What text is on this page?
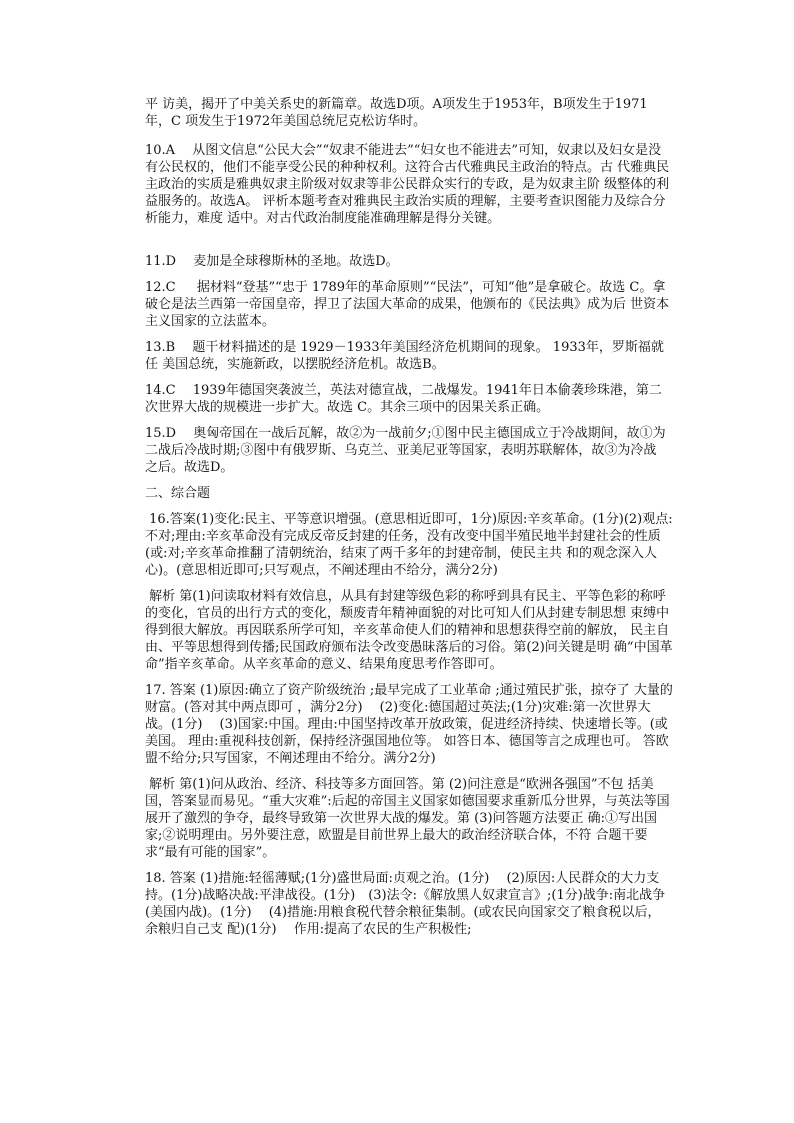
平 访美，揭开了中美关系史的新篇章。故选D项。A项发生于1953年，B项发生于1971年，C 项发生于1972年美国总统尼克松访华时。

10.A　 从图文信息“公民大会”“奴隶不能进去”“妇女也不能进去”可知，奴隶以及妇女是没有公民权的，他们不能享受公民的种种权利。这符合古代雅典民主政治的特点。古 代雅典民主政治的实质是雅典奴隶主阶级对奴隶等非公民群众实行的专政，是为奴隶主阶 级整体的利益服务的。故选A。 评析本题考查对雅典民主政治实质的理解，主要考查识图能力及综合分析能力，难度 适中。对古代政治制度能准确理解是得分关键。

11.D　 麦加是全球穆斯林的圣地。故选D。

12.C　  据材料“登基”“忠于 1789年的革命原则”“民法”，可知“他”是拿破仑。故选 C。拿破仑是法兰西第一帝国皇帝，捍卫了法国大革命的成果，他颁布的《民法典》成为后 世资本主义国家的立法蓝本。

13.B　 题干材料描述的是 1929－1933年美国经济危机期间的现象。 1933年，罗斯福就任 美国总统，实施新政，以摆脱经济危机。故选B。

14.C　 1939年德国突袭波兰，英法对德宣战，二战爆发。1941年日本偷袭珍珠港，第二次世界大战的规模进一步扩大。故选 C。其余三项中的因果关系正确。

15.D　 奥匈帝国在一战后瓦解，故②为一战前夕;①图中民主德国成立于冷战期间，故①为 二战后冷战时期;③图中有俄罗斯、乌克兰、亚美尼亚等国家，表明苏联解体，故③为冷战 之后。故选D。

二、综合题

16.答案(1)变化:民主、平等意识增强。(意思相近即可，1分)原因:辛亥革命。(1分)(2)观点:不对;理由:辛亥革命没有完成反帝反封建的任务，没有改变中国半殖民地半封建社会的性质(或:对;辛亥革命推翻了清朝统治，结束了两千多年的封建帝制，使民主共 和的观念深入人心)。(意思相近即可;只写观点，不阐述理由不给分，满分2分)

解析 第(1)问读取材料有效信息，从具有封建等级色彩的称呼到具有民主、平等色彩的称呼的变化，官员的出行方式的变化，颓废青年精神面貌的对比可知人们从封建专制思想 束缚中得到很大解放。再因联系所学可知，辛亥革命使人们的精神和思想获得空前的解放， 民主自由、平等思想得到传播;民国政府颁布法令改变愚昧落后的习俗。第(2)问关键是明 确“中国革命”指辛亥革命。从辛亥革命的意义、结果角度思考作答即可。

17. 答案 (1)原因:确立了资产阶级统治 ;最早完成了工业革命 ;通过殖民扩张，掠夺了 大量的财富。(答对其中两点即可 ，满分2分)　 (2)变化:德国超过英法;(1分)灾难:第一次世界大战。(1分)　 (3)国家:中国。理由:中国坚持改革开放政策，促进经济持续、快速增长等。(或美国。 理由:重视科技创新，保持经济强国地位等。 如答日本、德国等言之成理也可。 答欧盟不给分;只写国家，不阐述理由不给分。满分2分)

解析 第(1)问从政治、经济、科技等多方面回答。第 (2)问注意是“欧洲各强国”不包 括美国，答案显而易见。“重大灾难”:后起的帝国主义国家如德国要求重新瓜分世界，与英法等国展开了激烈的争夺，最终导致第一次世界大战的爆发。第 (3)问答题方法要正 确:①写出国家;②说明理由。另外要注意，欧盟是目前世界上最大的政治经济联合体，不符 合题干要求“最有可能的国家”。

18. 答案 (1)措施:轻徭薄赋;(1分)盛世局面:贞观之治。(1分)　 (2)原因:人民群众的大力支持。(1分)战略决战:平津战役。(1分)　(3)法令:《解放黑人奴隶宣言》;(1分)战争:南北战争(美国内战)。(1分)　 (4)措施:用粮食税代替余粮征集制。(或农民向国家交了粮食税以后，余粮归自己支 配)(1分)　 作用:提高了农民的生产积极性;
